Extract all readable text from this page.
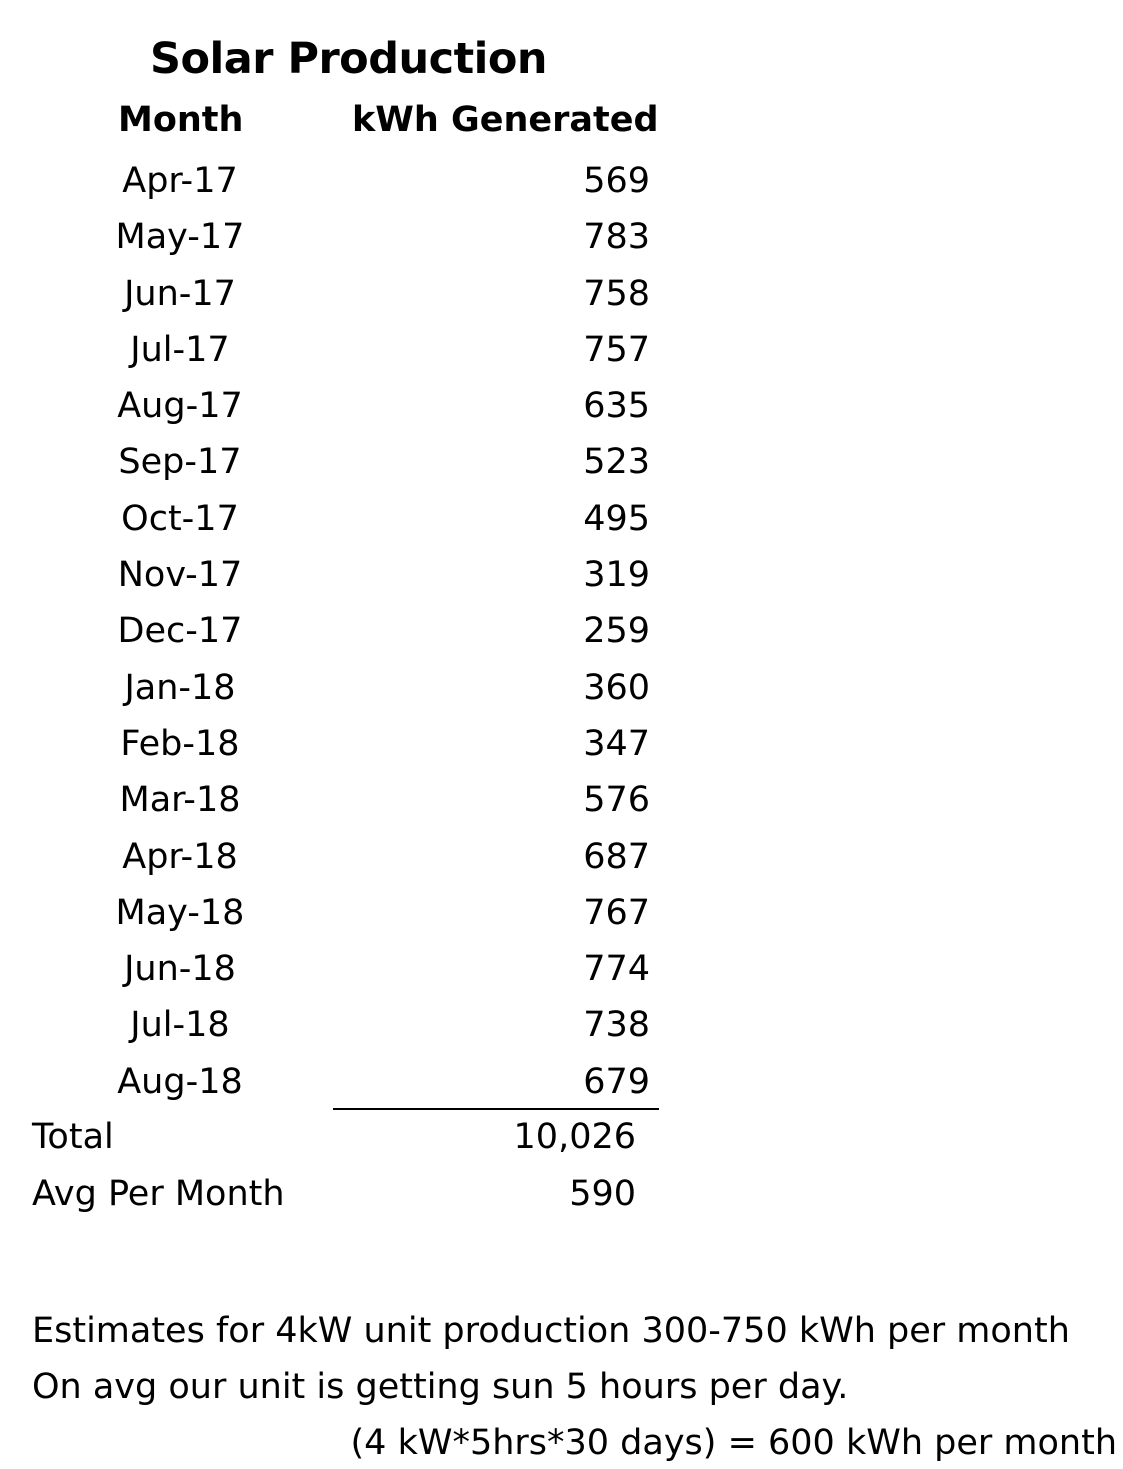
Solar Production
Month	kWh Generated
Apr-17	569
May-17	783
Jun-17	758
Jul-17	757
Aug-17	635
Sep-17	523
Oct-17	495
Nov-17	319
Dec-17	259
Jan-18	360
Feb-18	347
Mar-18	576
Apr-18	687
May-18	767
Jun-18	774
Jul-18	738
Aug-18	679
Total	10,026
Avg Per Month	590
Estimates for 4kW unit production 300-750 kWh per month
On avg our unit is getting sun 5 hours per day.
(4 kW*5hrs*30 days) = 600 kWh per month
